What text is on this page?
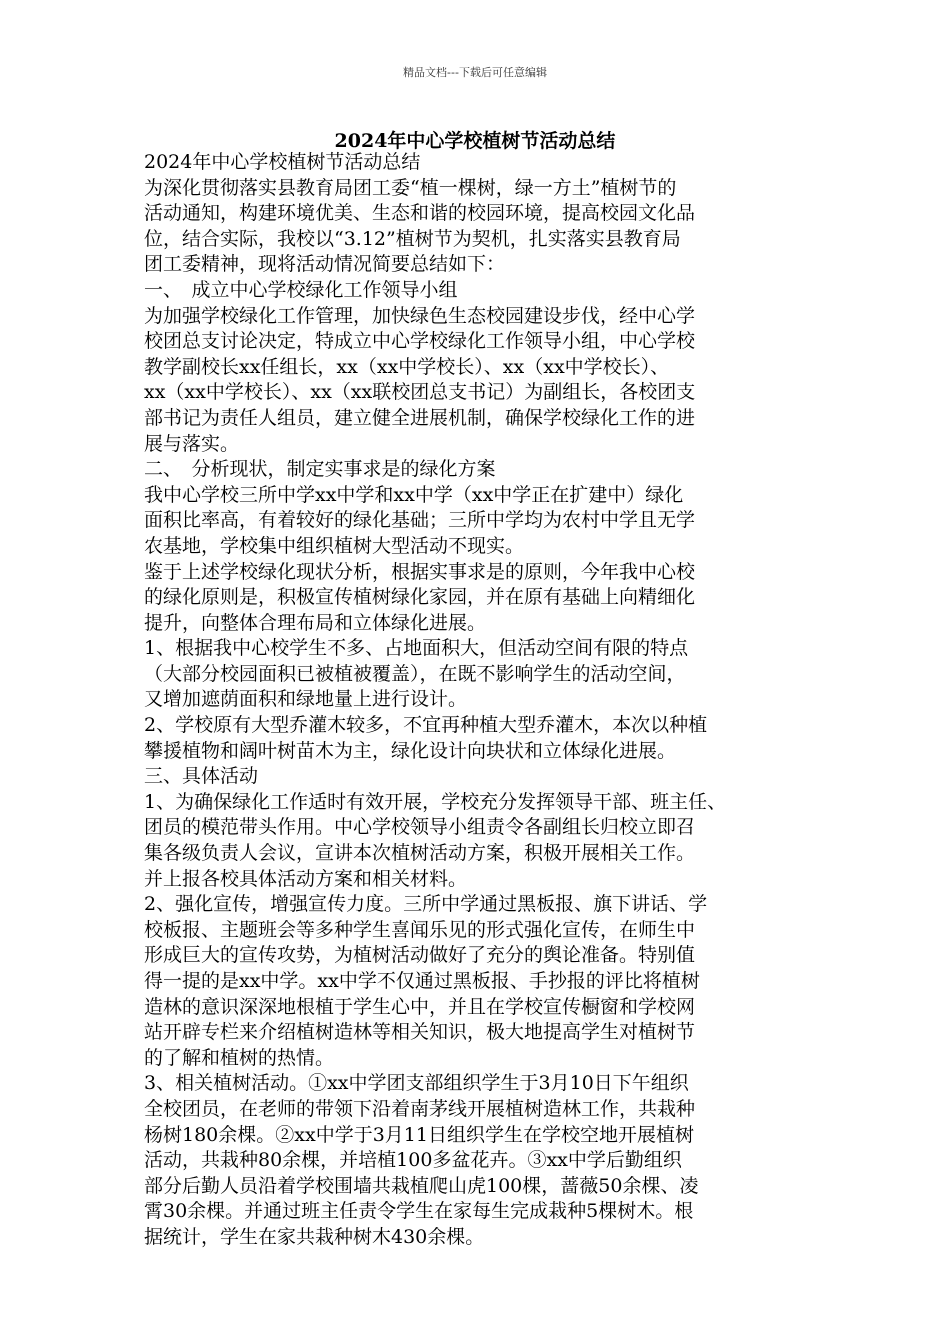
精品文档---下载后可任意编辑
2024年中心学校植树节活动总结
2024年中心学校植树节活动总结
为深化贯彻落实县教育局团工委“植一棵树，绿一方土”植树节的
活动通知，构建环境优美、生态和谐的校园环境，提高校园文化品
位，结合实际，我校以“3.12”植树节为契机，扎实落实县教育局
团工委精神，现将活动情况简要总结如下：
一、　成立中心学校绿化工作领导小组
为加强学校绿化工作管理，加快绿色生态校园建设步伐，经中心学
校团总支讨论决定，特成立中心学校绿化工作领导小组，中心学校
教学副校长xx任组长，xx（xx中学校长）、xx（xx中学校长）、
xx（xx中学校长）、xx（xx联校团总支书记）为副组长，各校团支
部书记为责任人组员，建立健全进展机制，确保学校绿化工作的进
展与落实。
二、　分析现状，制定实事求是的绿化方案
我中心学校三所中学xx中学和xx中学（xx中学正在扩建中）绿化
面积比率高，有着较好的绿化基础；三所中学均为农村中学且无学
农基地，学校集中组织植树大型活动不现实。
鉴于上述学校绿化现状分析，根据实事求是的原则，今年我中心校
的绿化原则是，积极宣传植树绿化家园，并在原有基础上向精细化
提升，向整体合理布局和立体绿化进展。
1、根据我中心校学生不多、占地面积大，但活动空间有限的特点
（大部分校园面积已被植被覆盖），在既不影响学生的活动空间，
又增加遮荫面积和绿地量上进行设计。
2、学校原有大型乔灌木较多，不宜再种植大型乔灌木，本次以种植
攀援植物和阔叶树苗木为主，绿化设计向块状和立体绿化进展。
三、具体活动
1、为确保绿化工作适时有效开展，学校充分发挥领导干部、班主任、
团员的模范带头作用。中心学校领导小组责令各副组长归校立即召
集各级负责人会议，宣讲本次植树活动方案，积极开展相关工作。
并上报各校具体活动方案和相关材料。
2、强化宣传，增强宣传力度。三所中学通过黑板报、旗下讲话、学
校板报、主题班会等多种学生喜闻乐见的形式强化宣传，在师生中
形成巨大的宣传攻势，为植树活动做好了充分的舆论准备。特别值
得一提的是xx中学。xx中学不仅通过黑板报、手抄报的评比将植树
造林的意识深深地根植于学生心中，并且在学校宣传橱窗和学校网
站开辟专栏来介绍植树造林等相关知识，极大地提高学生对植树节
的了解和植树的热情。
3、相关植树活动。①xx中学团支部组织学生于3月10日下午组织
全校团员，在老师的带领下沿着南茅线开展植树造林工作，共栽种
杨树180余棵。②xx中学于3月11日组织学生在学校空地开展植树
活动，共栽种80余棵，并培植100多盆花卉。③xx中学后勤组织
部分后勤人员沿着学校围墙共栽植爬山虎100棵，蔷薇50余棵、凌
霄30余棵。并通过班主任责令学生在家每生完成栽种5棵树木。根
据统计，学生在家共栽种树木430余棵。
